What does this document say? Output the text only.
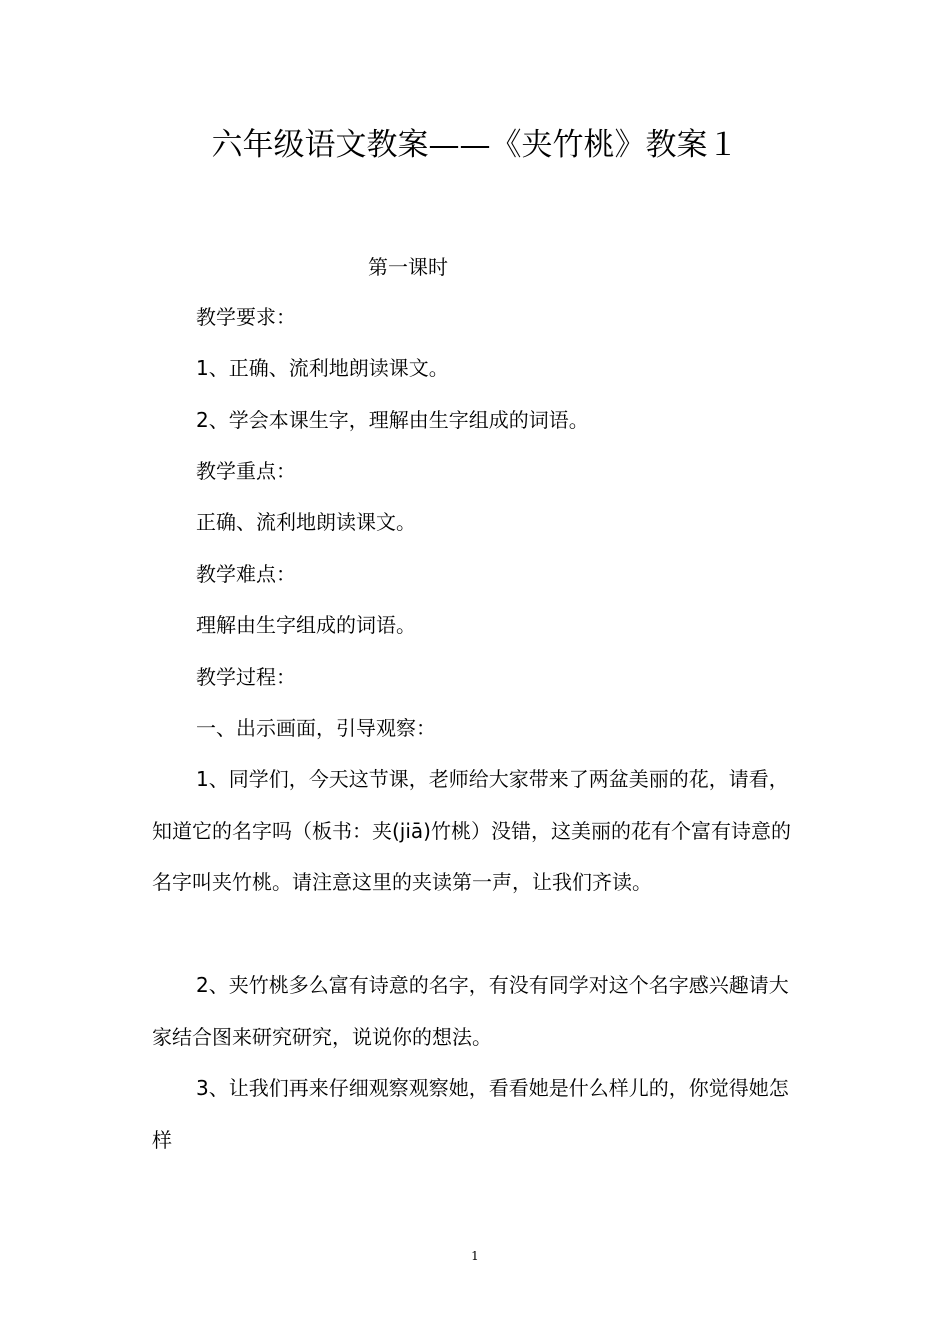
六年级语文教案——《夹竹桃》教案１
第一课时
教学要求：
1、正确、流利地朗读课文。
2、学会本课生字，理解由生字组成的词语。
教学重点：
正确、流利地朗读课文。
教学难点：
理解由生字组成的词语。
教学过程：
一、出示画面，引导观察：

1、同学们，今天这节课，老师给大家带来了两盆美丽的花，请看，知道它的名字吗（板书：夹(jiā)竹桃）没错，这美丽的花有个富有诗意的名字叫夹竹桃。请注意这里的夹读第一声，让我们齐读。

2、夹竹桃多么富有诗意的名字，有没有同学对这个名字感兴趣请大家结合图来研究研究，说说你的想法。

3、让我们再来仔细观察观察她，看看她是什么样儿的，你觉得她怎样

1
